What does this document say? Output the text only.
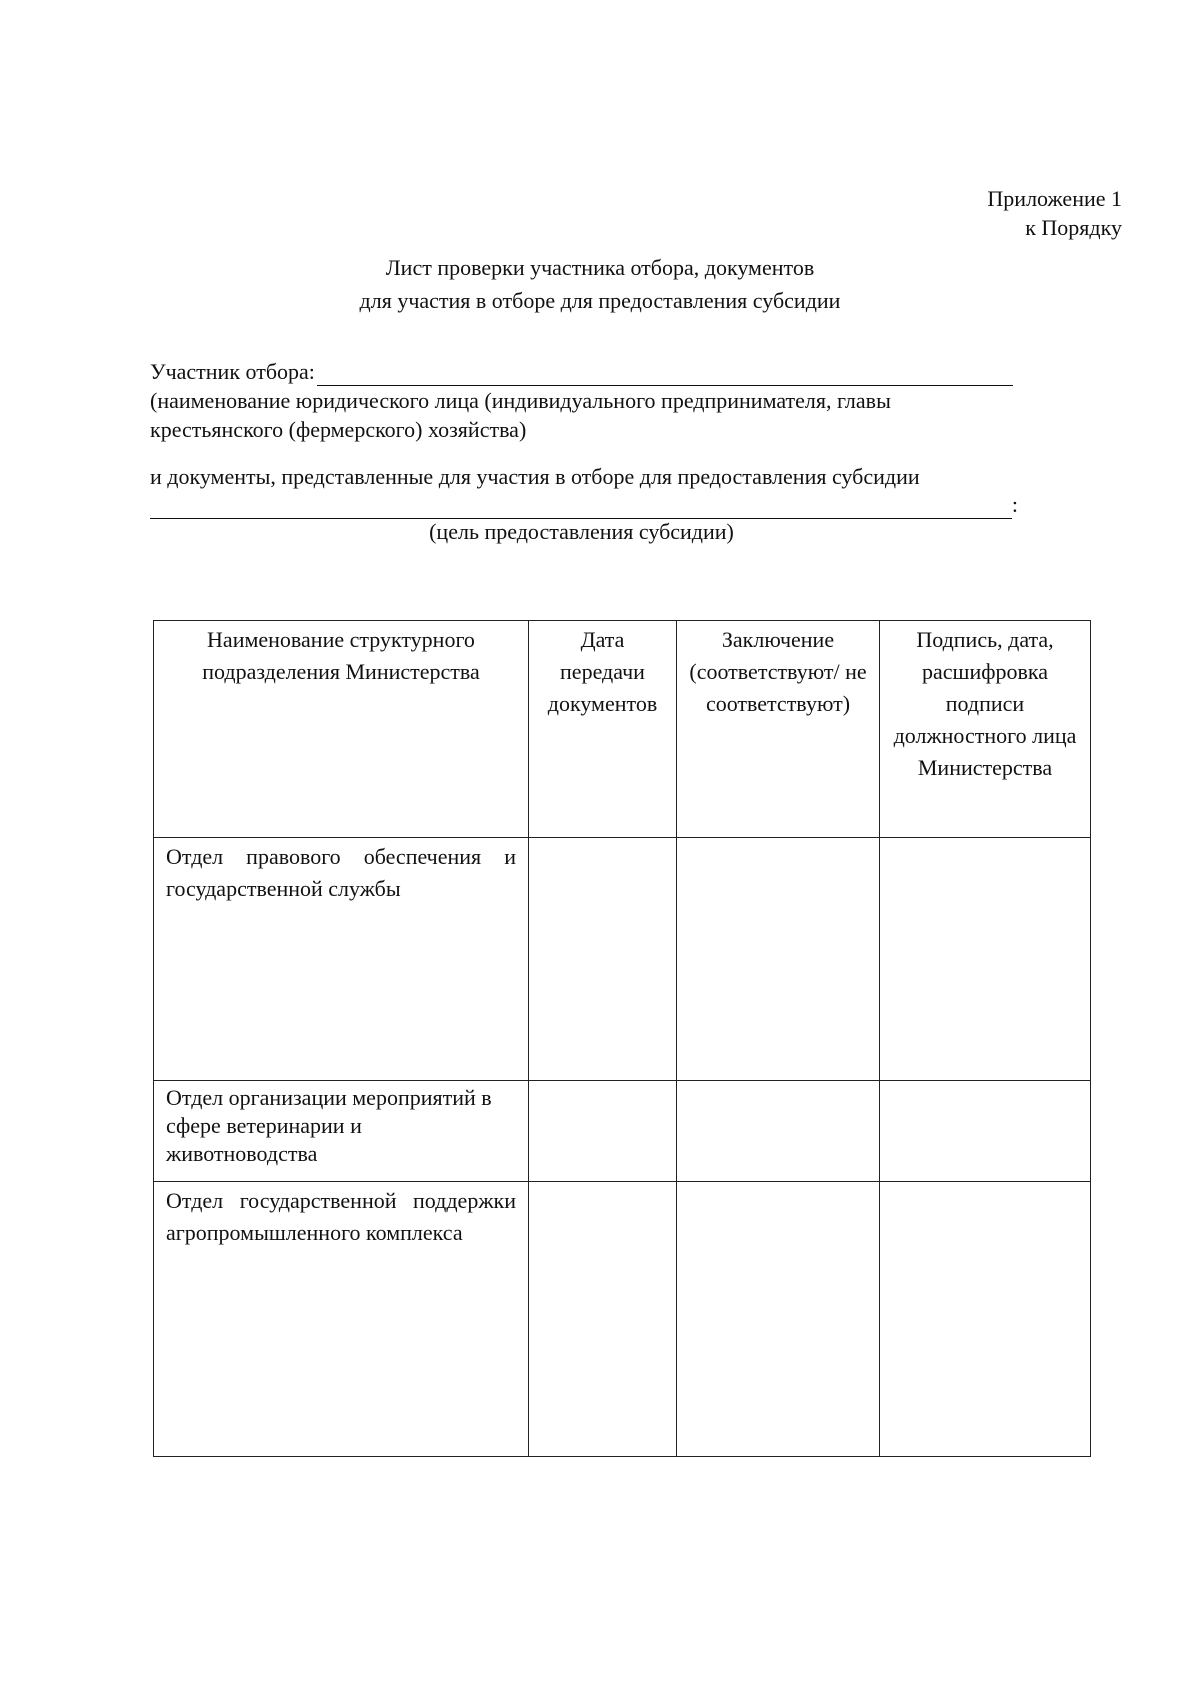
Приложение 1
к Порядку
Лист проверки участника отбора, документов
для участия в отборе для предоставления субсидии
Участник отбора:
(наименование юридического лица (индивидуального предпринимателя, главы крестьянского (фермерского) хозяйства)
и документы, представленные для участия в отборе для предоставления субсидии
:
(цель предоставления субсидии)
Наименование структурного подразделения Министерства	Дата передачи документов	Заключение (соответствуют/ не соответствуют)	Подпись, дата, расшифровка подписи должностного лица Министерства
Отдел правового обеспечения и государственной службы			
Отдел организации мероприятий в сфере ветеринарии и животноводства			
Отдел государственной поддержки агропромышленного комплекса			
